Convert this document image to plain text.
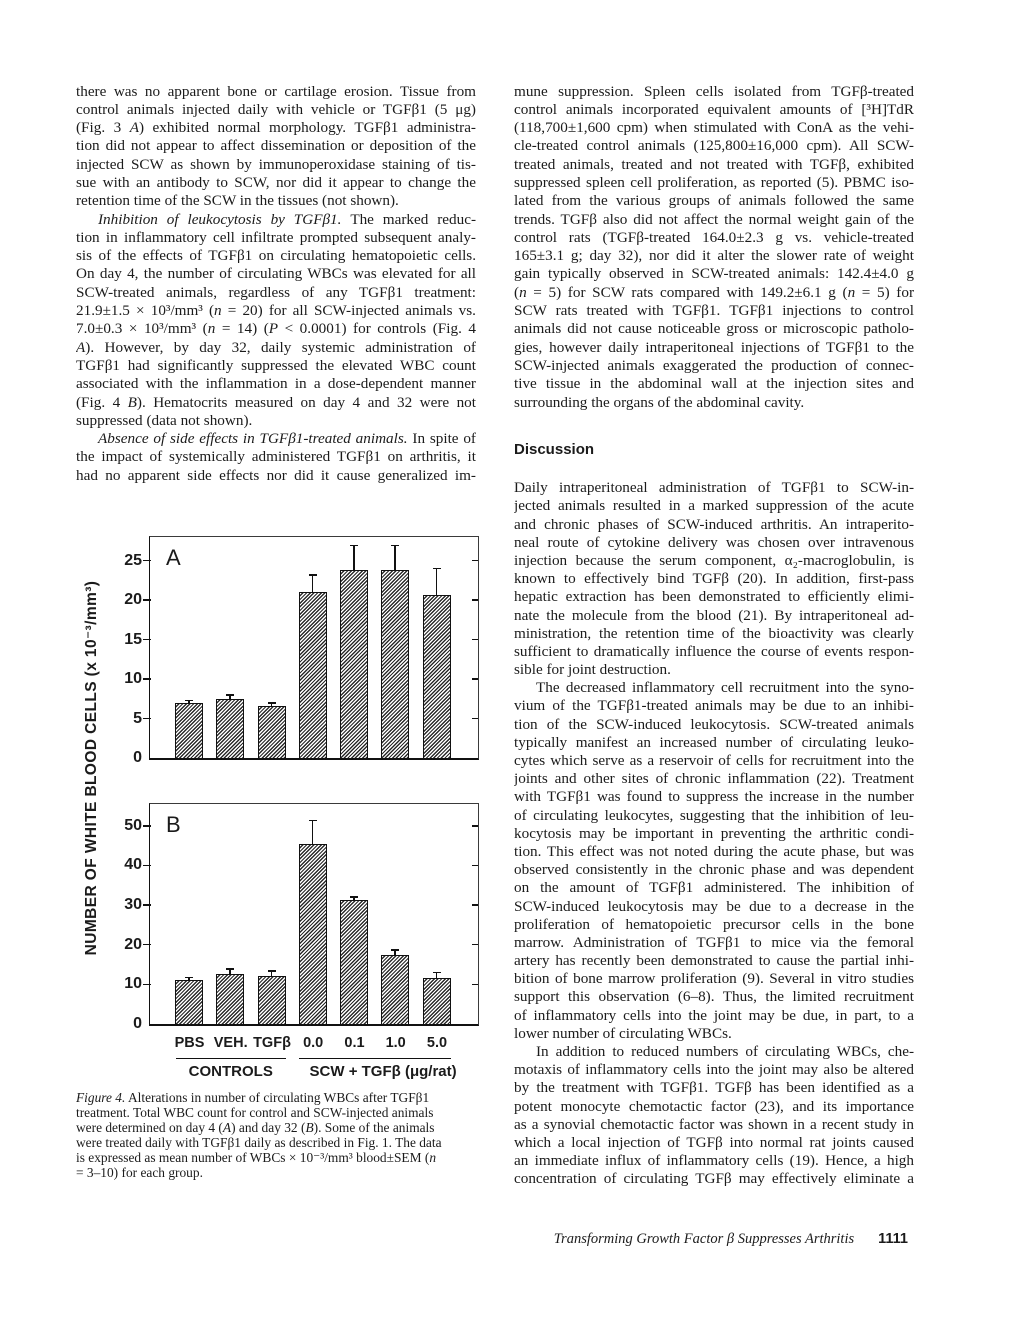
there was no apparent bone or cartilage erosion. Tissue from
control animals injected daily with vehicle or TGFβ1 (5 μg)
(Fig. 3 A) exhibited normal morphology. TGFβ1 administra-
tion did not appear to affect dissemination or deposition of the
injected SCW as shown by immunoperoxidase staining of tis-
sue with an antibody to SCW, nor did it appear to change the
retention time of the SCW in the tissues (not shown).
Inhibition of leukocytosis by TGFβ1. The marked reduc-
tion in inflammatory cell infiltrate prompted subsequent analy-
sis of the effects of TGFβ1 on circulating hematopoietic cells.
On day 4, the number of circulating WBCs was elevated for all
SCW-treated animals, regardless of any TGFβ1 treatment:
21.9±1.5 × 10³/mm³ (n = 20) for all SCW-injected animals vs.
7.0±0.3 × 10³/mm³ (n = 14) (P < 0.0001) for controls (Fig. 4
A). However, by day 32, daily systemic administration of
TGFβ1 had significantly suppressed the elevated WBC count
associated with the inflammation in a dose-dependent manner
(Fig. 4 B). Hematocrits measured on day 4 and 32 were not
suppressed (data not shown).
Absence of side effects in TGFβ1-treated animals. In spite of
the impact of systemically administered TGFβ1 on arthritis, it
had no apparent side effects nor did it cause generalized im-
mune suppression. Spleen cells isolated from TGFβ-treated
control animals incorporated equivalent amounts of [³H]TdR
(118,700±1,600 cpm) when stimulated with ConA as the vehi-
cle-treated control animals (125,800±16,000 cpm). All SCW-
treated animals, treated and not treated with TGFβ, exhibited
suppressed spleen cell proliferation, as reported (5). PBMC iso-
lated from the various groups of animals followed the same
trends. TGFβ also did not affect the normal weight gain of the
control rats (TGFβ-treated 164.0±2.3 g vs. vehicle-treated
165±3.1 g; day 32), nor did it alter the slower rate of weight
gain typically observed in SCW-treated animals: 142.4±4.0 g
(n = 5) for SCW rats compared with 149.2±6.1 g (n = 5) for
SCW rats treated with TGFβ1. TGFβ1 injections to control
animals did not cause noticeable gross or microscopic patholo-
gies, however daily intraperitoneal injections of TGFβ1 to the
SCW-injected animals exaggerated the production of connec-
tive tissue in the abdominal wall at the injection sites and
surrounding the organs of the abdominal cavity.
Discussion
Daily intraperitoneal administration of TGFβ1 to SCW-in-
jected animals resulted in a marked suppression of the acute
and chronic phases of SCW-induced arthritis. An intraperito-
neal route of cytokine delivery was chosen over intravenous
injection because the serum component, α₂-macroglobulin, is
known to effectively bind TGFβ (20). In addition, first-pass
hepatic extraction has been demonstrated to efficiently elimi-
nate the molecule from the blood (21). By intraperitoneal ad-
ministration, the retention time of the bioactivity was clearly
sufficient to dramatically influence the course of events respon-
sible for joint destruction.
The decreased inflammatory cell recruitment into the syno-
vium of the TGFβ1-treated animals may be due to an inhibi-
tion of the SCW-induced leukocytosis. SCW-treated animals
typically manifest an increased number of circulating leuko-
cytes which serve as a reservoir of cells for recruitment into the
joints and other sites of chronic inflammation (22). Treatment
with TGFβ1 was found to suppress the increase in the number
of circulating leukocytes, suggesting that the inhibition of leu-
kocytosis may be important in preventing the arthritic condi-
tion. This effect was not noted during the acute phase, but was
observed consistently in the chronic phase and was dependent
on the amount of TGFβ1 administered. The inhibition of
SCW-induced leukocytosis may be due to a decrease in the
proliferation of hematopoietic precursor cells in the bone
marrow. Administration of TGFβ1 to mice via the femoral
artery has recently been demonstrated to cause the partial inhi-
bition of bone marrow proliferation (9). Several in vitro studies
support this observation (6–8). Thus, the limited recruitment
of inflammatory cells into the joint may be due, in part, to a
lower number of circulating WBCs.
In addition to reduced numbers of circulating WBCs, che-
motaxis of inflammatory cells into the joint may also be altered
by the treatment with TGFβ1. TGFβ has been identified as a
potent monocyte chemotactic factor (23), and its importance
as a synovial chemotactic factor was shown in a recent study in
which a local injection of TGFβ into normal rat joints caused
an immediate influx of inflammatory cells (19). Hence, a high
concentration of circulating TGFβ may effectively eliminate a
NUMBER OF WHITE BLOOD CELLS (x 10⁻³/mm³)
A
0
5
10
15
20
25
B
0
10
20
30
40
50
PBS VEH. TGFβ 0.0	0.1	1.0	5.0
CONTROLS	SCW + TGFβ (μg/rat)
Figure 4. Alterations in number of circulating WBCs after TGFβ1
treatment. Total WBC count for control and SCW-injected animals
were determined on day 4 (A) and day 32 (B). Some of the animals
were treated daily with TGFβ1 daily as described in Fig. 1. The data
is expressed as mean number of WBCs × 10⁻³/mm³ blood±SEM (n
= 3–10) for each group.
Transforming Growth Factor β Suppresses Arthritis 1111
